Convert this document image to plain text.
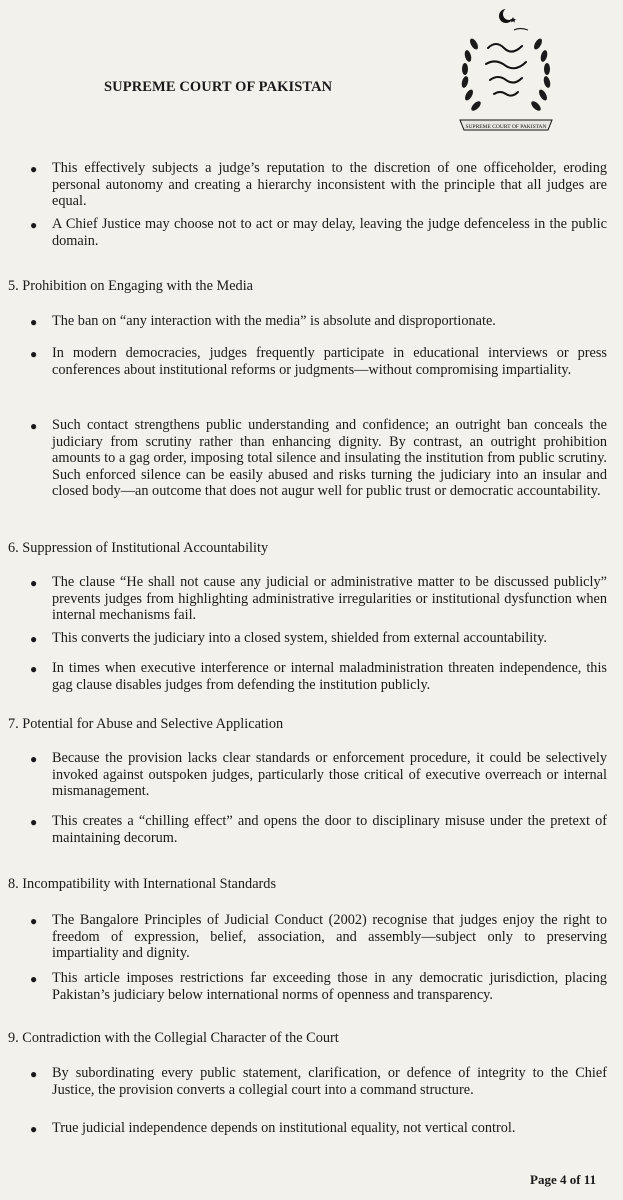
SUPREME COURT OF PAKISTAN
SUPREME COURT OF PAKISTAN
● This effectively subjects a judge’s reputation to the discretion of one officeholder, eroding personal autonomy and creating a hierarchy inconsistent with the principle that all judges are equal.
● A Chief Justice may choose not to act or may delay, leaving the judge defenceless in the public domain.
5. Prohibition on Engaging with the Media
● The ban on “any interaction with the media” is absolute and disproportionate.
● In modern democracies, judges frequently participate in educational interviews or press conferences about institutional reforms or judgments—without compromising impartiality.
● Such contact strengthens public understanding and confidence; an outright ban conceals the judiciary from scrutiny rather than enhancing dignity. By contrast, an outright prohibition amounts to a gag order, imposing total silence and insulating the institution from public scrutiny. Such enforced silence can be easily abused and risks turning the judiciary into an insular and closed body—an outcome that does not augur well for public trust or democratic accountability.
6. Suppression of Institutional Accountability
● The clause “He shall not cause any judicial or administrative matter to be discussed publicly” prevents judges from highlighting administrative irregularities or institutional dysfunction when internal mechanisms fail.
● This converts the judiciary into a closed system, shielded from external accountability.
● In times when executive interference or internal maladministration threaten independence, this gag clause disables judges from defending the institution publicly.
7. Potential for Abuse and Selective Application
● Because the provision lacks clear standards or enforcement procedure, it could be selectively invoked against outspoken judges, particularly those critical of executive overreach or internal mismanagement.
● This creates a “chilling effect” and opens the door to disciplinary misuse under the pretext of maintaining decorum.
8. Incompatibility with International Standards
● The Bangalore Principles of Judicial Conduct (2002) recognise that judges enjoy the right to freedom of expression, belief, association, and assembly—subject only to preserving impartiality and dignity.
● This article imposes restrictions far exceeding those in any democratic jurisdiction, placing Pakistan’s judiciary below international norms of openness and transparency.
9. Contradiction with the Collegial Character of the Court
● By subordinating every public statement, clarification, or defence of integrity to the Chief Justice, the provision converts a collegial court into a command structure.
● True judicial independence depends on institutional equality, not vertical control.
Page 4 of 11
